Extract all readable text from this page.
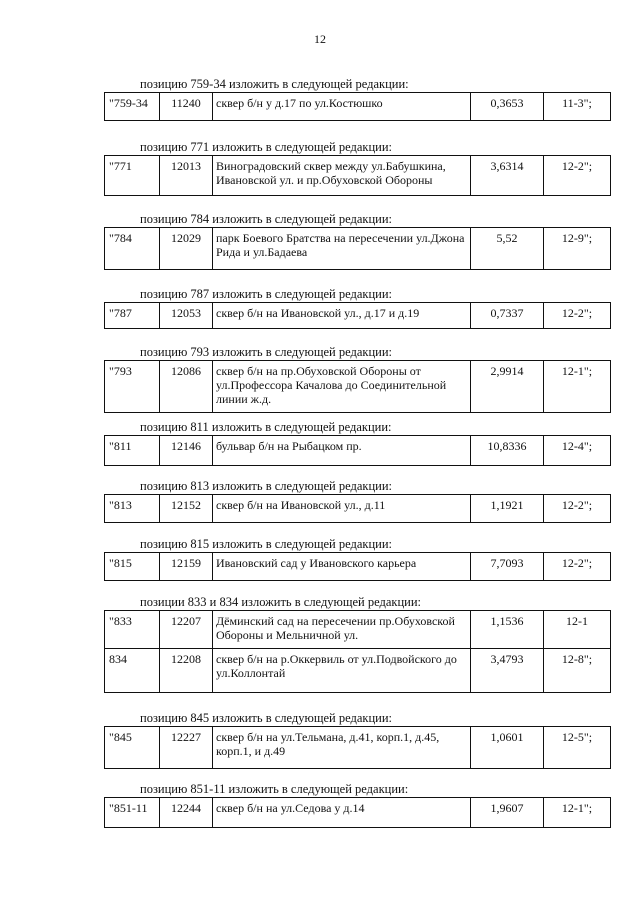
12
позицию 759-34 изложить в следующей редакции:
"759-34	11240	сквер б/н у д.17 по ул.Костюшко	0,3653	11-3";
позицию 771 изложить в следующей редакции:
"771	12013	Виноградовский сквер между ул.Бабушкина, Ивановской ул. и пр.Обуховской Обороны	3,6314	12-2";
позицию 784 изложить в следующей редакции:
"784	12029	парк Боевого Братства на пересечении ул.Джона Рида и ул.Бадаева	5,52	12-9";
позицию 787 изложить в следующей редакции:
"787	12053	сквер б/н на Ивановской ул., д.17 и д.19	0,7337	12-2";
позицию 793 изложить в следующей редакции:
"793	12086	сквер б/н на пр.Обуховской Обороны от ул.Профессора Качалова до Соединительной линии ж.д.	2,9914	12-1";
позицию 811 изложить в следующей редакции:
"811	12146	бульвар б/н на Рыбацком пр.	10,8336	12-4";
позицию 813 изложить в следующей редакции:
"813	12152	сквер б/н на Ивановской ул., д.11	1,1921	12-2";
позицию 815 изложить в следующей редакции:
"815	12159	Ивановский сад у Ивановского карьера	7,7093	12-2";
позиции 833 и 834 изложить в следующей редакции:
"833	12207	Дёминский сад на пересечении пр.Обуховской Обороны и Мельничной ул.	1,1536	12-1
834	12208	сквер б/н на р.Оккервиль от ул.Подвойского до ул.Коллонтай	3,4793	12-8";
позицию 845 изложить в следующей редакции:
"845	12227	сквер б/н на ул.Тельмана, д.41, корп.1, д.45, корп.1, и д.49	1,0601	12-5";
позицию 851-11 изложить в следующей редакции:
"851-11	12244	сквер б/н на ул.Седова у д.14	1,9607	12-1";
